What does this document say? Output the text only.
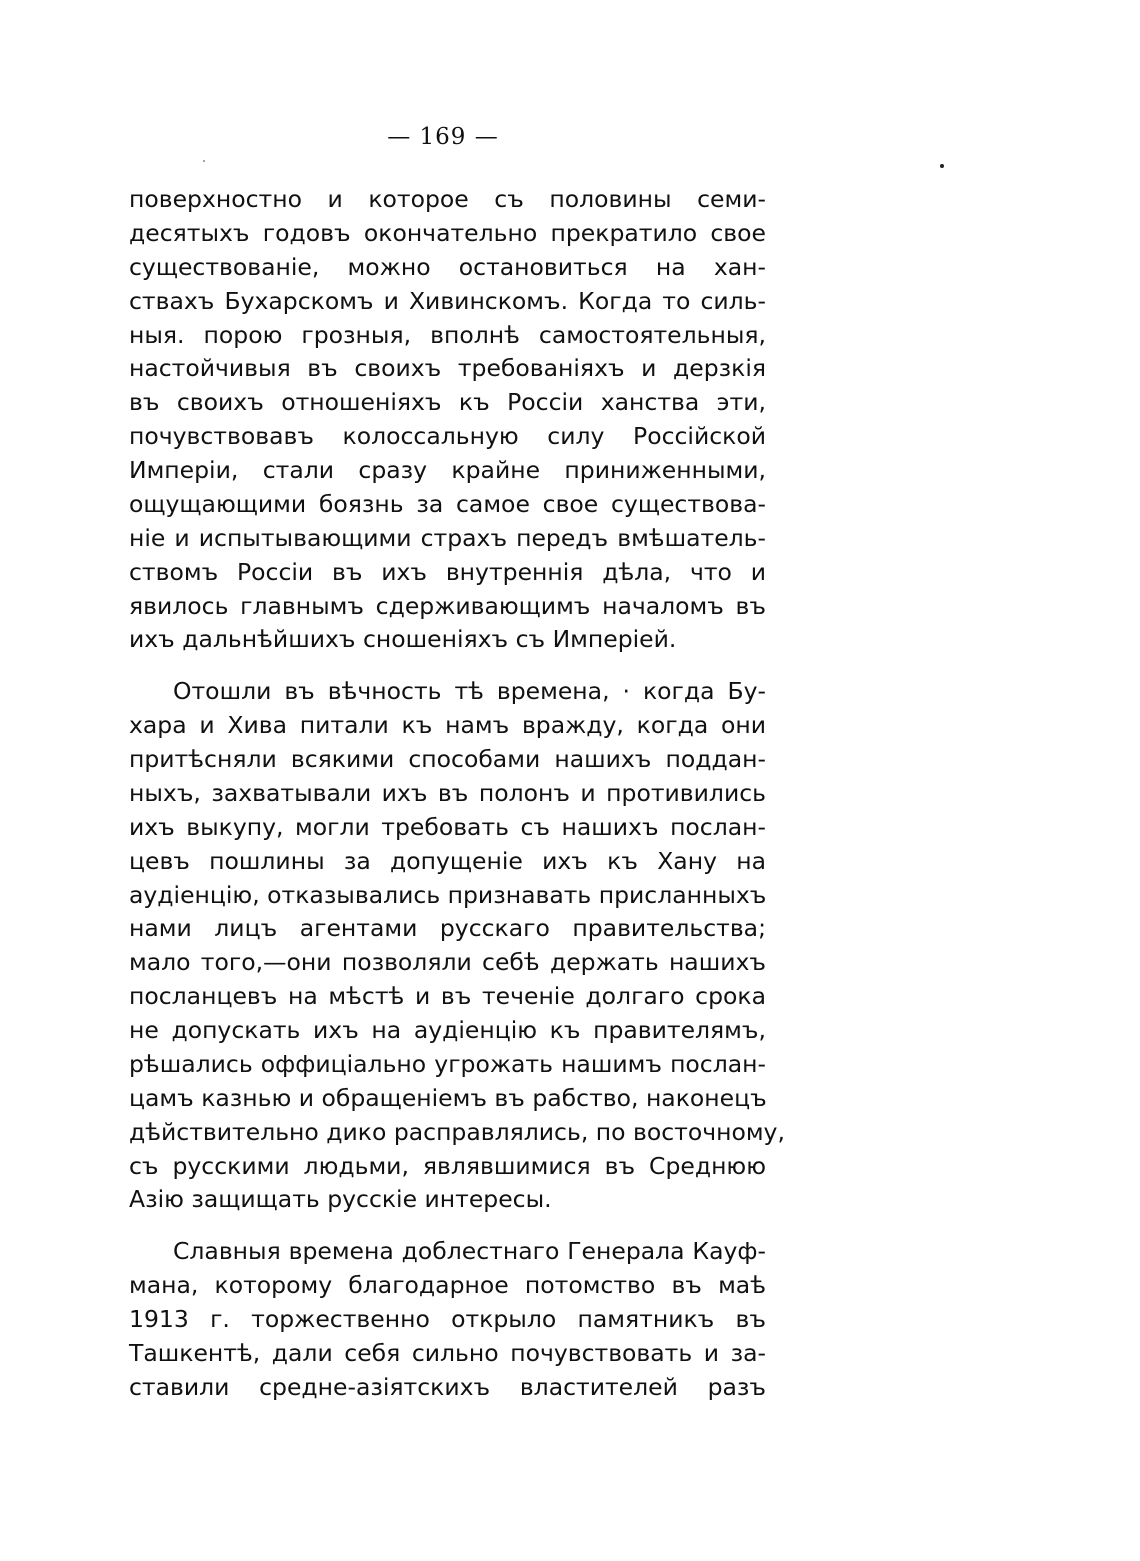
— 169 —
поверхностно и которое съ половины семи-
десятыхъ годовъ окончательно прекратило свое
существованіе, можно остановиться на хан-
ствахъ Бухарскомъ и Хивинскомъ. Когда то силь-
ныя. порою грозныя, вполнѣ самостоятельныя,
настойчивыя въ своихъ требованіяхъ и дерзкія
въ своихъ отношеніяхъ къ Россіи ханства эти,
почувствовавъ колоссальную силу Россійской
Имперіи, стали сразу крайне приниженными,
ощущающими боязнь за самое свое существова-
ніе и испытывающими страхъ передъ вмѣшатель-
ствомъ Россіи въ ихъ внутреннія дѣла, что и
явилось главнымъ сдерживающимъ началомъ въ
ихъ дальнѣйшихъ сношеніяхъ съ Имперіей.
Отошли въ вѣчность тѣ времена, · когда Бу-
хара и Хива питали къ намъ вражду, когда они
притѣсняли всякими способами нашихъ поддан-
ныхъ, захватывали ихъ въ полонъ и противились
ихъ выкупу, могли требовать съ нашихъ послан-
цевъ пошлины за допущеніе ихъ къ Хану на
аудіенцію, отказывались признавать присланныхъ
нами лицъ агентами русскаго правительства;
мало того,—они позволяли себѣ держать нашихъ
посланцевъ на мѣстѣ и въ теченіе долгаго срока
не допускать ихъ на аудіенцію къ правителямъ,
рѣшались оффиціально угрожать нашимъ послан-
цамъ казнью и обращеніемъ въ рабство, наконецъ
дѣйствительно дико расправлялись, по восточному,
съ русскими людьми, являвшимися въ Среднюю
Азію защищать русскіе интересы.
Славныя времена доблестнаго Генерала Кауф-
мана, которому благодарное потомство въ маѣ
1913 г. торжественно открыло памятникъ въ
Ташкентѣ, дали себя сильно почувствовать и за-
ставили средне-азіятскихъ властителей разъ
